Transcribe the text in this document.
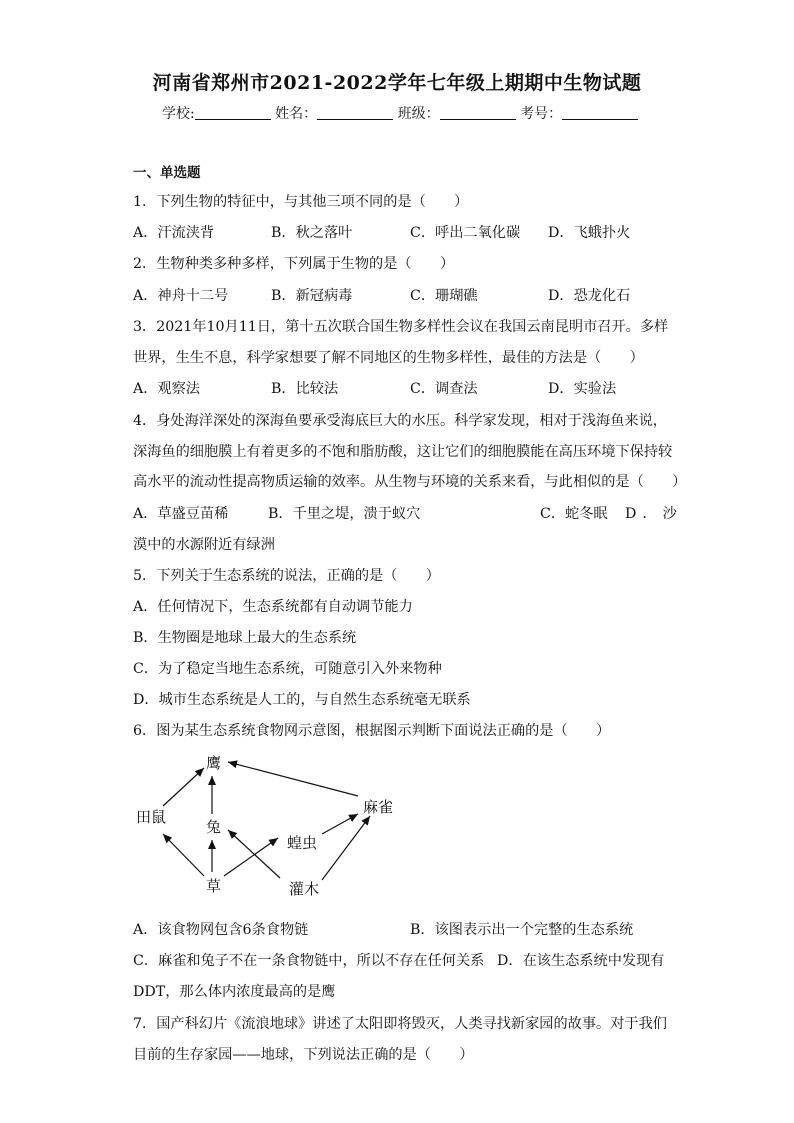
河南省郑州市2021-2022学年七年级上期期中生物试题
学校:	姓名：	班级：	考号：
一、单选题
1．下列生物的特征中，与其他三项不同的是（　　）
A．汗流浃背	B．秋之落叶	C．呼出二氧化碳 D．飞蛾扑火
2．生物种类多种多样，下列属于生物的是（　　）
A．神舟十二号	B．新冠病毒	C．珊瑚礁	D．恐龙化石
3．2021年10月11日，第十五次联合国生物多样性会议在我国云南昆明市召开。多样
世界，生生不息，科学家想要了解不同地区的生物多样性，最佳的方法是（　　）
A．观察法	B．比较法	C．调查法	D．实验法
4．身处海洋深处的深海鱼要承受海底巨大的水压。科学家发现，相对于浅海鱼来说，
深海鱼的细胞膜上有着更多的不饱和脂肪酸，这让它们的细胞膜能在高压环境下保持较
高水平的流动性提高物质运输的效率。从生物与环境的关系来看，与此相似的是（　　）
A．草盛豆苗稀	B．千里之堤，溃于蚁穴	C．蛇冬眠 D．沙
漠中的水源附近有绿洲
5．下列关于生态系统的说法，正确的是（　　）
A．任何情况下，生态系统都有自动调节能力
B．生物圈是地球上最大的生态系统
C．为了稳定当地生态系统，可随意引入外来物种
D．城市生态系统是人工的，与自然生态系统毫无联系
6．图为某生态系统食物网示意图，根据图示判断下面说法正确的是（　　）
鹰
田鼠
兔
麻雀
蝗虫
草	灌木
A．该食物网包含6条食物链	B．该图表示出一个完整的生态系统
C．麻雀和兔子不在一条食物链中，所以不存在任何关系 D．在该生态系统中发现有
DDT，那么体内浓度最高的是鹰
7．国产科幻片《流浪地球》讲述了太阳即将毁灭，人类寻找新家园的故事。对于我们
目前的生存家园——地球，下列说法正确的是（　　）
